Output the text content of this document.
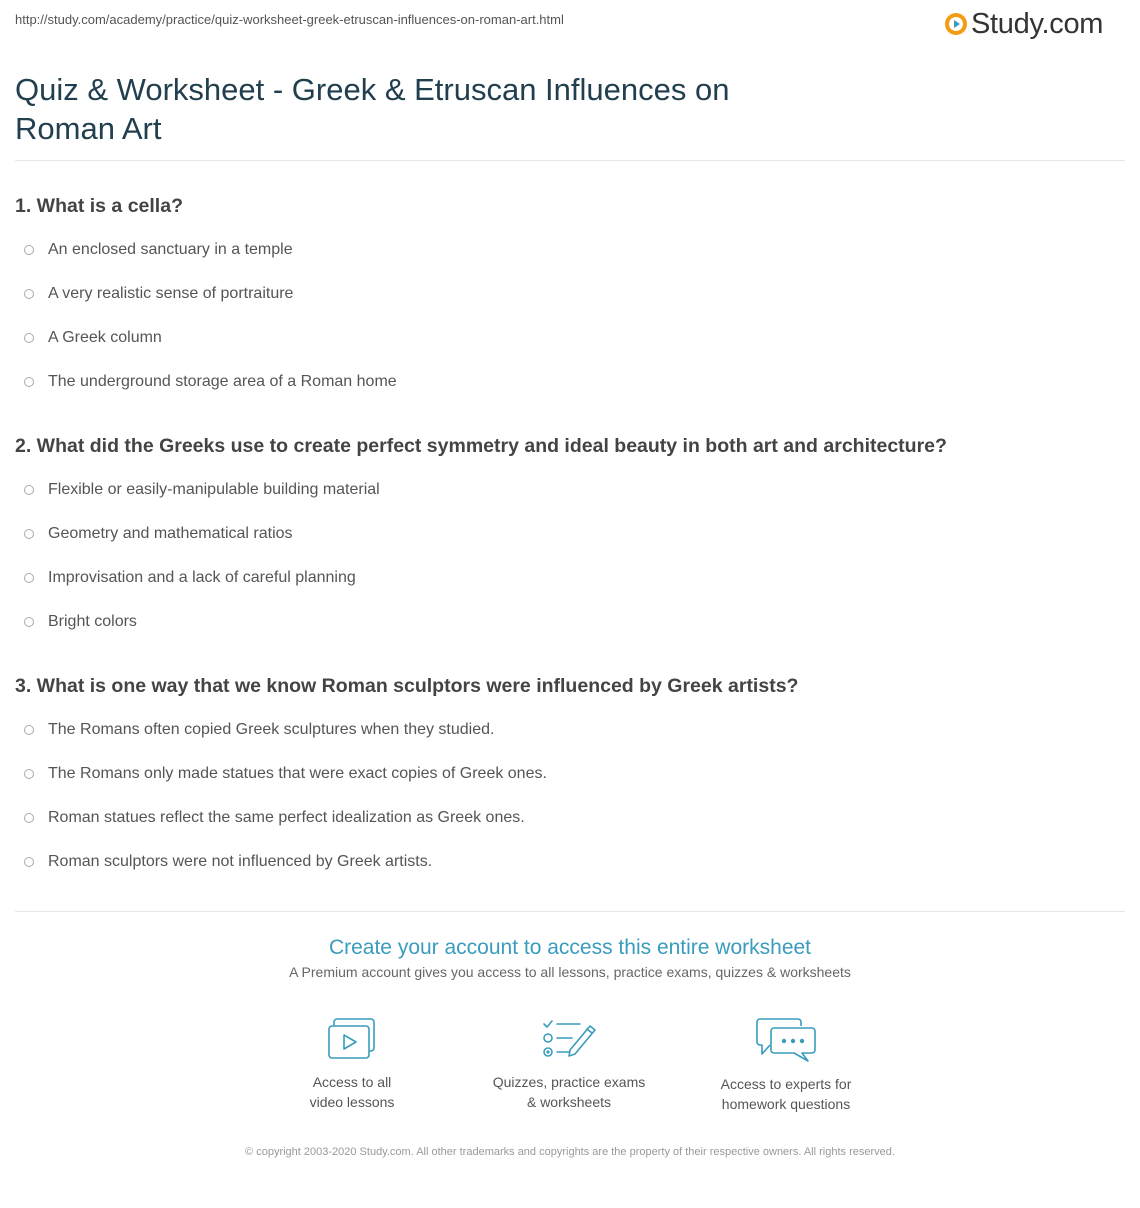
http://study.com/academy/practice/quiz-worksheet-greek-etruscan-influences-on-roman-art.html	Study.com
Quiz & Worksheet - Greek & Etruscan Influences on Roman Art
1. What is a cella?
An enclosed sanctuary in a temple
A very realistic sense of portraiture
A Greek column
The underground storage area of a Roman home
2. What did the Greeks use to create perfect symmetry and ideal beauty in both art and architecture?
Flexible or easily-manipulable building material
Geometry and mathematical ratios
Improvisation and a lack of careful planning
Bright colors
3. What is one way that we know Roman sculptors were influenced by Greek artists?
The Romans often copied Greek sculptures when they studied.
The Romans only made statues that were exact copies of Greek ones.
Roman statues reflect the same perfect idealization as Greek ones.
Roman sculptors were not influenced by Greek artists.
Create your account to access this entire worksheet
A Premium account gives you access to all lessons, practice exams, quizzes & worksheets
Access to all
video lessons
Quizzes, practice exams
& worksheets
Access to experts for
homework questions
© copyright 2003-2020 Study.com. All other trademarks and copyrights are the property of their respective owners. All rights reserved.
